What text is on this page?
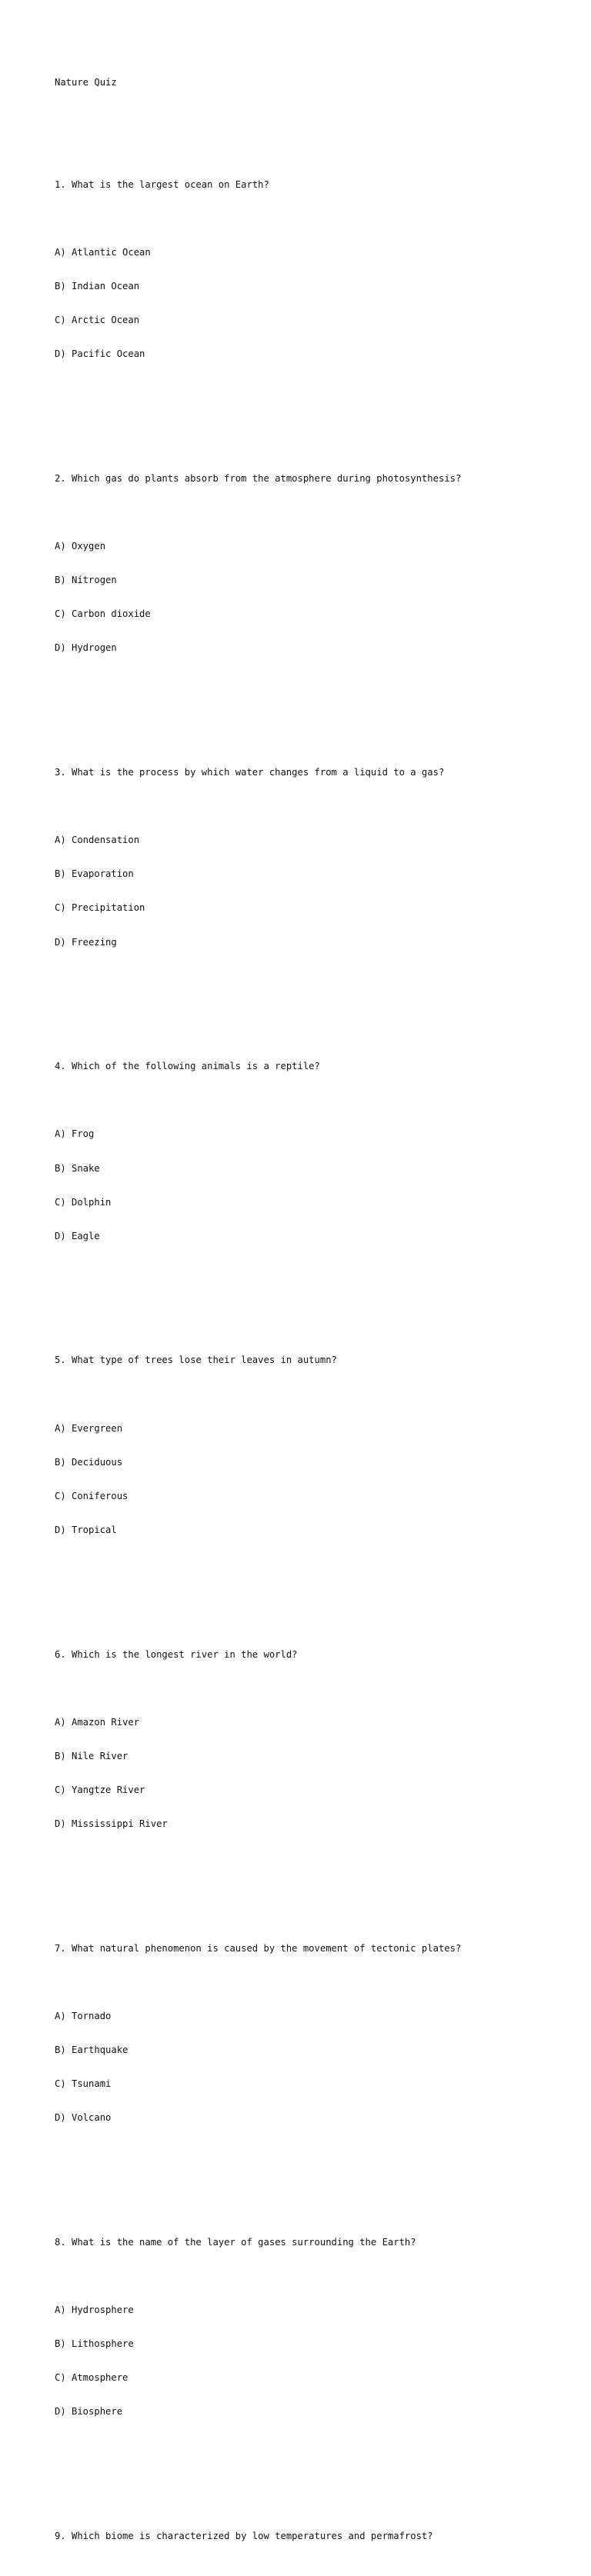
Nature Quiz

1. What is the largest ocean on Earth?

A) Atlantic Ocean

B) Indian Ocean

C) Arctic Ocean

D) Pacific Ocean

2. Which gas do plants absorb from the atmosphere during photosynthesis?

A) Oxygen

B) Nitrogen

C) Carbon dioxide

D) Hydrogen

3. What is the process by which water changes from a liquid to a gas?

A) Condensation

B) Evaporation

C) Precipitation

D) Freezing

4. Which of the following animals is a reptile?

A) Frog

B) Snake

C) Dolphin

D) Eagle

5. What type of trees lose their leaves in autumn?

A) Evergreen

B) Deciduous

C) Coniferous

D) Tropical

6. Which is the longest river in the world?

A) Amazon River

B) Nile River

C) Yangtze River

D) Mississippi River

7. What natural phenomenon is caused by the movement of tectonic plates?

A) Tornado

B) Earthquake

C) Tsunami

D) Volcano

8. What is the name of the layer of gases surrounding the Earth?

A) Hydrosphere

B) Lithosphere

C) Atmosphere

D) Biosphere

9. Which biome is characterized by low temperatures and permafrost?
